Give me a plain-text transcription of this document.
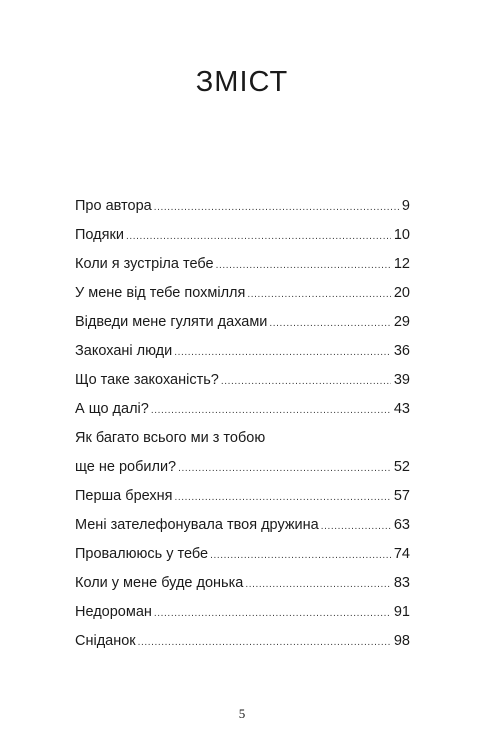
ЗМІСТ
Про автора .....	9
Подяки .....	10
Коли я зустріла тебе .....	12
У мене від тебе похмілля .....	20
Відведи мене гуляти дахами .....	29
Закохані люди .....	36
Що таке закоханість? .....	39
А що далі? .....	43
Як багато всього ми з тобою
ще не робили? .....	52
Перша брехня .....	57
Мені зателефонувала твоя дружина .....	63
Провалююсь у тебе .....	74
Коли у мене буде донька .....	83
Недороман .....	91
Сніданок .....	98
5
